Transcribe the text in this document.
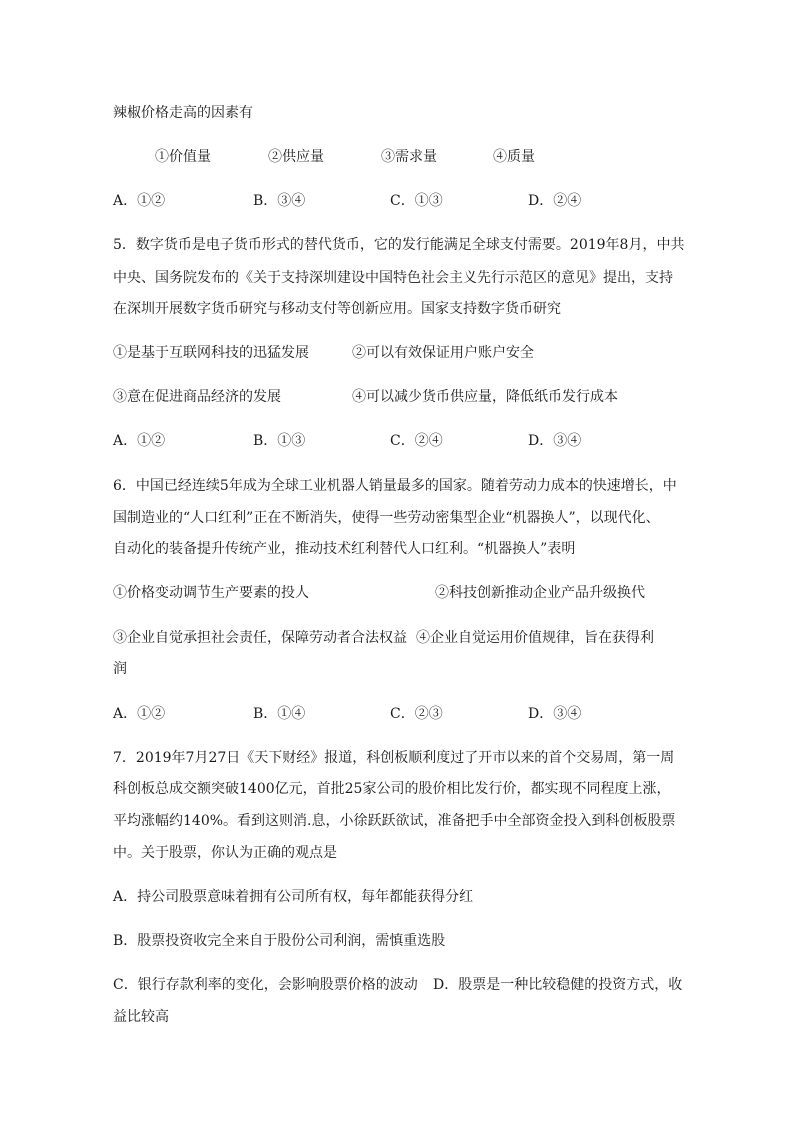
辣椒价格走高的因素有
①价值量	②供应量	③需求量	④质量
A．①②	B．③④	C．①③	D．②④
5．数字货币是电子货币形式的替代货币，它的发行能满足全球支付需要。2019年8月，中共
中央、国务院发布的《关于支持深圳建设中国特色社会主义先行示范区的意见》提出，支持
在深圳开展数字货币研究与移动支付等创新应用。国家支持数字货币研究
①是基于互联网科技的迅猛发展	②可以有效保证用户账户安全
③意在促进商品经济的发展	④可以减少货币供应量，降低纸币发行成本
A．①②	B．①③	C．②④	D．③④
6．中国已经连续5年成为全球工业机器人销量最多的国家。随着劳动力成本的快速增长，中
国制造业的“人口红利”正在不断消失，使得一些劳动密集型企业“机器换人”，以现代化、
自动化的装备提升传统产业，推动技术红利替代人口红利。“机器换人”表明
①价格变动调节生产要素的投人	②科技创新推动企业产品升级换代
③企业自觉承担社会责任，保障劳动者合法权益 ④企业自觉运用价值规律，旨在获得利
润
A．①②	B．①④	C．②③	D．③④
7．2019年7月27日《天下财经》报道，科创板顺利度过了开市以来的首个交易周，第一周
科创板总成交额突破1400亿元，首批25家公司的股价相比发行价，都实现不同程度上涨，
平均涨幅约140%。看到这则消.息，小徐跃跃欲试，准备把手中全部资金投入到科创板股票
中。关于股票，你认为正确的观点是
A．持公司股票意味着拥有公司所有权，每年都能获得分红
B．股票投资收完全来自于股份公司利润，需慎重选股
C．银行存款利率的变化，会影响股票价格的波动 D．股票是一种比较稳健的投资方式，收
益比较高
